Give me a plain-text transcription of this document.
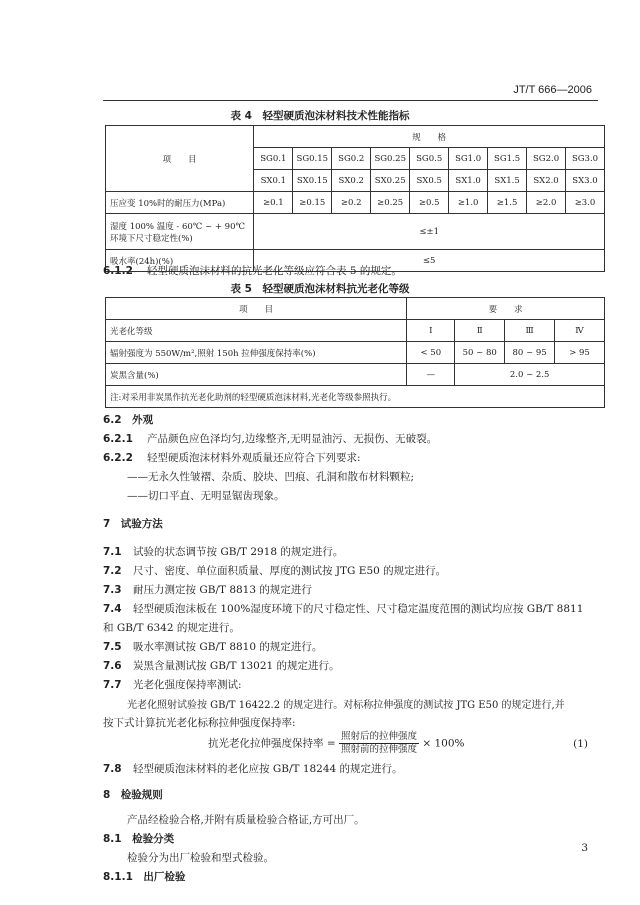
JT/T 666—2006
表 4　轻型硬质泡沫材料技术性能指标
项　　目	规　　格								
	SG0.1	SG0.15	SG0.2	SG0.25	SG0.5	SG1.0	SG1.5	SG2.0	SG3.0
	SX0.1	SX0.15	SX0.2	SX0.25	SX0.5	SX1.0	SX1.5	SX2.0	SX3.0
压应变 10%时的耐压力(MPa)	≥0.1	≥0.15	≥0.2	≥0.25	≥0.5	≥1.0	≥1.5	≥2.0	≥3.0

湿度 100% 温度 - 60℃ ~ + 90℃
环境下尺寸稳定性(%)	≤±1								
吸水率(24h)(%)	≤5								
6.1.2 轻型硬质泡沫材料的抗光老化等级应符合表 5 的规定。
表 5　轻型硬质泡沫材料抗光老化等级
项　　目	要　　求			
光老化等级	Ⅰ	Ⅱ	Ⅲ	Ⅳ
辐射强度为 550W/m²,照射 150h 拉伸强度保持率(%)	< 50	50 ~ 80	80 ~ 95	> 95
炭黑含量(%)	—	2.0 ~ 2.5		
注:对采用非炭黑作抗光老化助剂的轻型硬质泡沫材料,光老化等级参照执行。				
6.2　外观
6.2.1 产品颜色应色泽均匀,边缘整齐,无明显油污、无损伤、无破裂。
6.2.2 轻型硬质泡沫材料外观质量还应符合下列要求:
——无永久性皱褶、杂质、胶块、凹痕、孔洞和散布材料颗粒;
——切口平直、无明显锯齿现象。
7　试验方法
7.1 试验的状态调节按 GB/T 2918 的规定进行。
7.2 尺寸、密度、单位面积质量、厚度的测试按 JTG E50 的规定进行。
7.3 耐压力测定按 GB/T 8813 的规定进行
7.4 轻型硬质泡沫板在 100%湿度环境下的尺寸稳定性、尺寸稳定温度范围的测试均应按 GB/T 8811
和 GB/T 6342 的规定进行。
7.5 吸水率测试按 GB/T 8810 的规定进行。
7.6 炭黑含量测试按 GB/T 13021 的规定进行。
7.7 光老化强度保持率测试:
光老化照射试验按 GB/T 16422.2 的规定进行。对标称拉伸强度的测试按 JTG E50 的规定进行,并
按下式计算抗光老化标称拉伸强度保持率:
抗光老化拉伸强度保持率 = $\frac{\text{照射后的拉伸强度}}{\text{照射前的拉伸强度}} \times 100\%$	(1)
7.8 轻型硬质泡沫材料的老化应按 GB/T 18244 的规定进行。
8　检验规则
产品经检验合格,并附有质量检验合格证,方可出厂。
8.1　检验分类
检验分为出厂检验和型式检验。
8.1.1　出厂检验
3
